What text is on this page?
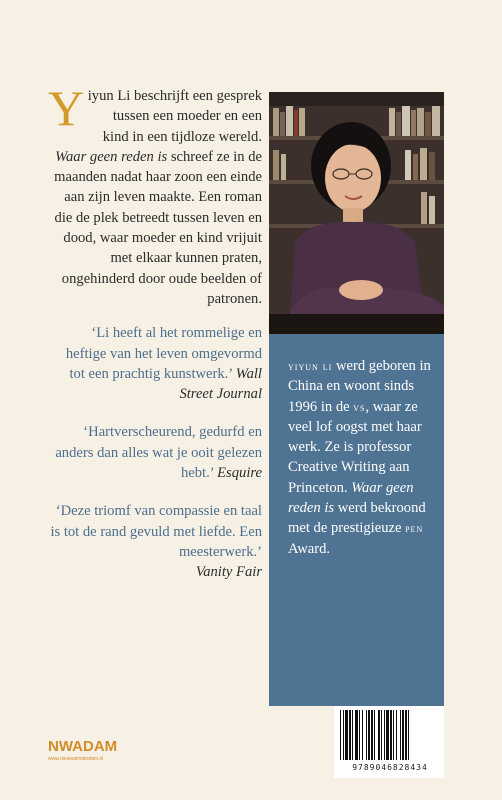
Yiyun Li beschrijft een gesprek tussen een moeder en een kind in een tijdloze wereld. Waar geen reden is schreef ze in de maanden nadat haar zoon een einde aan zijn leven maakte. Een roman die de plek betreedt tussen leven en dood, waar moeder en kind vrijuit met elkaar kunnen praten, ongehinderd door oude beelden of patronen.

‘Li heeft al het rommelige en heftige van het leven omgevormd tot een prachtig kunstwerk.’ Wall Street Journal

‘Hartverscheurend, gedurfd en anders dan alles wat je ooit gelezen hebt.’ Esquire

‘Deze triomf van compassie en taal is tot de rand gevuld met liefde. Een meesterwerk.’
Vanity Fair

yiyun li werd geboren in China en woont sinds 1996 in de vs, waar ze veel lof oogst met haar werk. Ze is professor Creative Writing aan Princeton. Waar geen reden is werd bekroond met de prestigieuze pen Award.

9789046828434
NWADAM
www.nieuwamsterdam.nl
